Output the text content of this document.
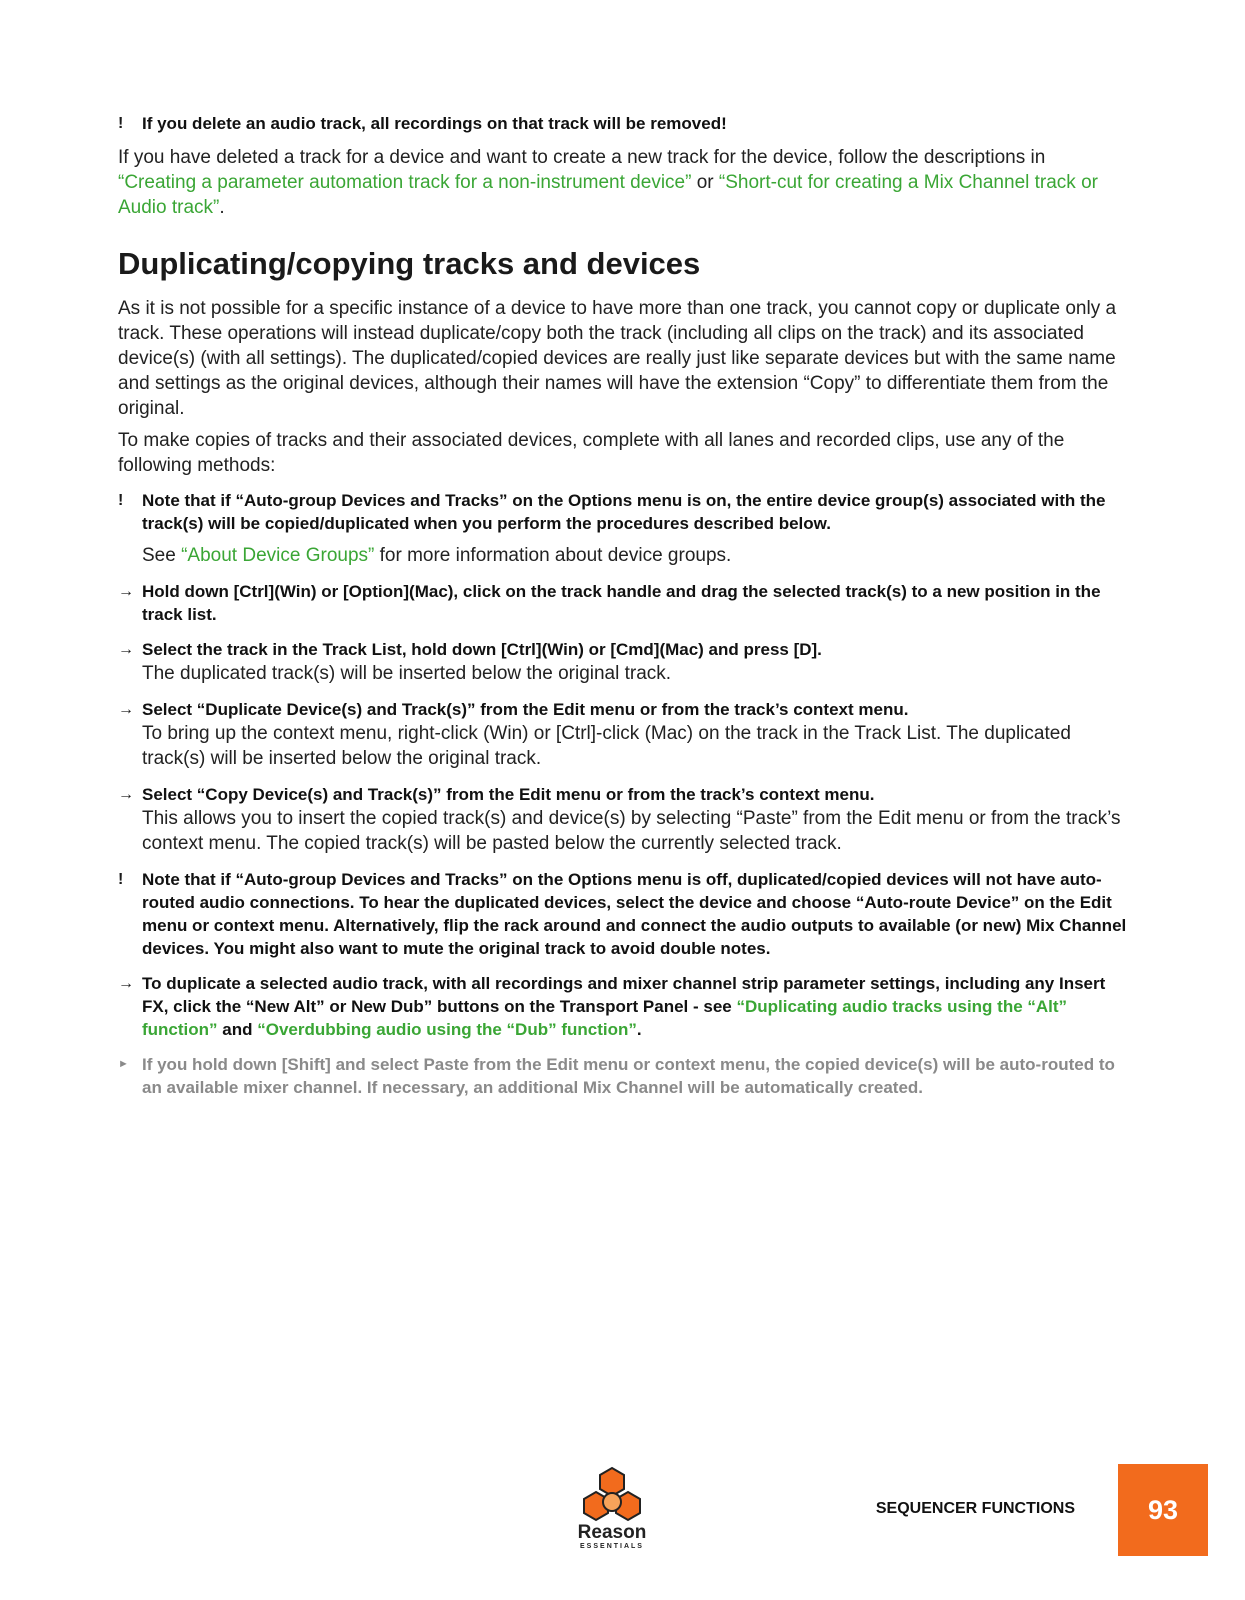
!	If you delete an audio track, all recordings on that track will be removed!

If you have deleted a track for a device and want to create a new track for the device, follow the descriptions in “Creating a parameter automation track for a non-instrument device” or “Short-cut for creating a Mix Channel track or Audio track”.

Duplicating/copying tracks and devices

As it is not possible for a specific instance of a device to have more than one track, you cannot copy or duplicate only a track. These operations will instead duplicate/copy both the track (including all clips on the track) and its associated device(s) (with all settings). The duplicated/copied devices are really just like separate devices but with the same name and settings as the original devices, although their names will have the extension “Copy” to differentiate them from the original.

To make copies of tracks and their associated devices, complete with all lanes and recorded clips, use any of the following methods:

!	Note that if “Auto-group Devices and Tracks” on the Options menu is on, the entire device group(s) associated with the track(s) will be copied/duplicated when you perform the procedures described below.
See “About Device Groups” for more information about device groups.
→ Hold down [Ctrl](Win) or [Option](Mac), click on the track handle and drag the selected track(s) to a new position in the track list.
→ Select the track in the Track List, hold down [Ctrl](Win) or [Cmd](Mac) and press [D].
The duplicated track(s) will be inserted below the original track.
→ Select “Duplicate Device(s) and Track(s)” from the Edit menu or from the track’s context menu.
To bring up the context menu, right-click (Win) or [Ctrl]-click (Mac) on the track in the Track List. The duplicated track(s) will be inserted below the original track.
→ Select “Copy Device(s) and Track(s)” from the Edit menu or from the track’s context menu.
This allows you to insert the copied track(s) and device(s) by selecting “Paste” from the Edit menu or from the track’s context menu. The copied track(s) will be pasted below the currently selected track.
!	Note that if “Auto-group Devices and Tracks” on the Options menu is off, duplicated/copied devices will not have auto-routed audio connections. To hear the duplicated devices, select the device and choose “Auto-route Device” on the Edit menu or context menu. Alternatively, flip the rack around and connect the audio outputs to available (or new) Mix Channel devices. You might also want to mute the original track to avoid double notes.
→ To duplicate a selected audio track, with all recordings and mixer channel strip parameter settings, including any Insert FX, click the “New Alt” or New Dub” buttons on the Transport Panel - see “Duplicating audio tracks using the “Alt” function” and “Overdubbing audio using the “Dub” function”.
► If you hold down [Shift] and select Paste from the Edit menu or context menu, the copied device(s) will be auto-routed to an available mixer channel. If necessary, an additional Mix Channel will be automatically created.
Reason
ESSENTIALS
SEQUENCER FUNCTIONS	93
